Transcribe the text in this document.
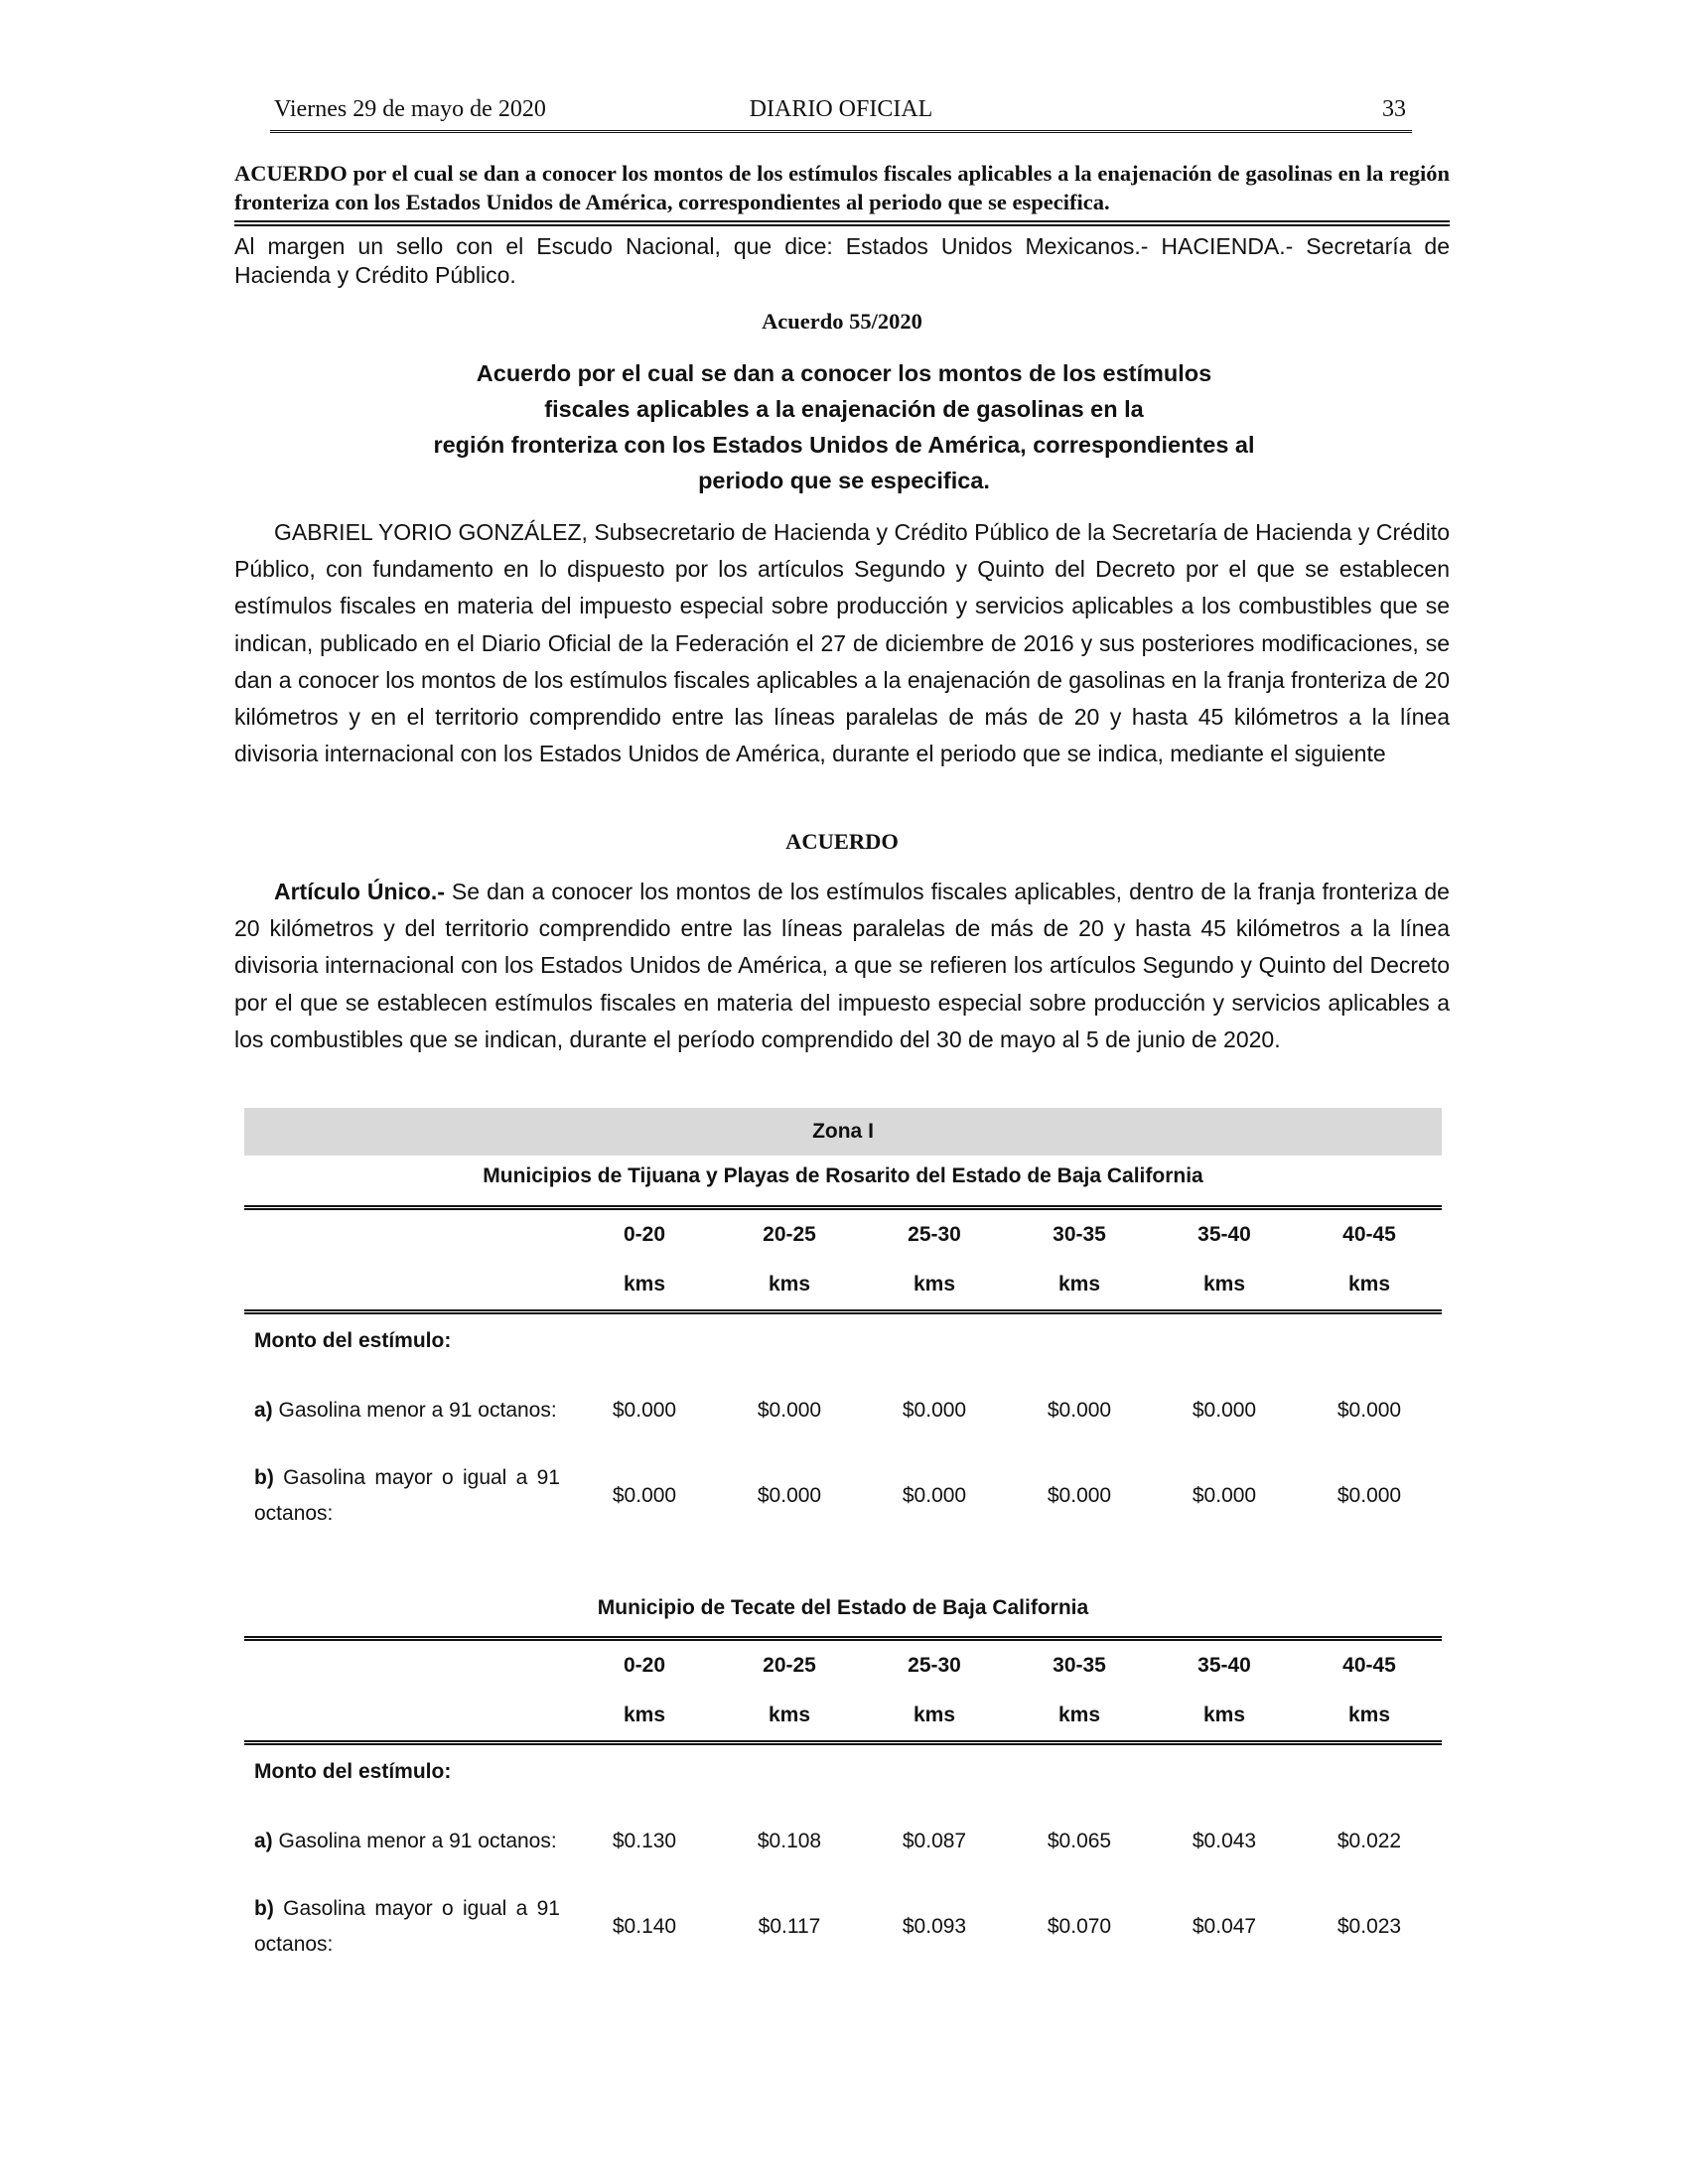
Viernes 29 de mayo de 2020	DIARIO OFICIAL	33
ACUERDO por el cual se dan a conocer los montos de los estímulos fiscales aplicables a la enajenación de gasolinas en la región fronteriza con los Estados Unidos de América, correspondientes al periodo que se especifica.
Al margen un sello con el Escudo Nacional, que dice: Estados Unidos Mexicanos.- HACIENDA.- Secretaría de Hacienda y Crédito Público.
Acuerdo 55/2020
Acuerdo por el cual se dan a conocer los montos de los estímulos
fiscales aplicables a la enajenación de gasolinas en la
región fronteriza con los Estados Unidos de América, correspondientes al
periodo que se especifica.

GABRIEL YORIO GONZÁLEZ, Subsecretario de Hacienda y Crédito Público de la Secretaría de Hacienda y Crédito Público, con fundamento en lo dispuesto por los artículos Segundo y Quinto del Decreto por el que se establecen estímulos fiscales en materia del impuesto especial sobre producción y servicios aplicables a los combustibles que se indican, publicado en el Diario Oficial de la Federación el 27 de diciembre de 2016 y sus posteriores modificaciones, se dan a conocer los montos de los estímulos fiscales aplicables a la enajenación de gasolinas en la franja fronteriza de 20 kilómetros y en el territorio comprendido entre las líneas paralelas de más de 20 y hasta 45 kilómetros a la línea divisoria internacional con los Estados Unidos de América, durante el periodo que se indica, mediante el siguiente

ACUERDO

Artículo Único.- Se dan a conocer los montos de los estímulos fiscales aplicables, dentro de la franja fronteriza de 20 kilómetros y del territorio comprendido entre las líneas paralelas de más de 20 y hasta 45 kilómetros a la línea divisoria internacional con los Estados Unidos de América, a que se refieren los artículos Segundo y Quinto del Decreto por el que se establecen estímulos fiscales en materia del impuesto especial sobre producción y servicios aplicables a los combustibles que se indican, durante el período comprendido del 30 de mayo al 5 de junio de 2020.

Zona I
Municipios de Tijuana y Playas de Rosarito del Estado de Baja California
	0-20	20-25	25-30	30-35	35-40	40-45
	kms	kms	kms	kms	kms	kms
Monto del estímulo:						
a) Gasolina menor a 91 octanos:	$0.000	$0.000	$0.000	$0.000	$0.000	$0.000
b) Gasolina mayor o igual a 91 octanos:	$0.000	$0.000	$0.000	$0.000	$0.000	$0.000
Municipio de Tecate del Estado de Baja California
	0-20	20-25	25-30	30-35	35-40	40-45
	kms	kms	kms	kms	kms	kms
Monto del estímulo:						
a) Gasolina menor a 91 octanos:	$0.130	$0.108	$0.087	$0.065	$0.043	$0.022
b) Gasolina mayor o igual a 91 octanos:	$0.140	$0.117	$0.093	$0.070	$0.047	$0.023
